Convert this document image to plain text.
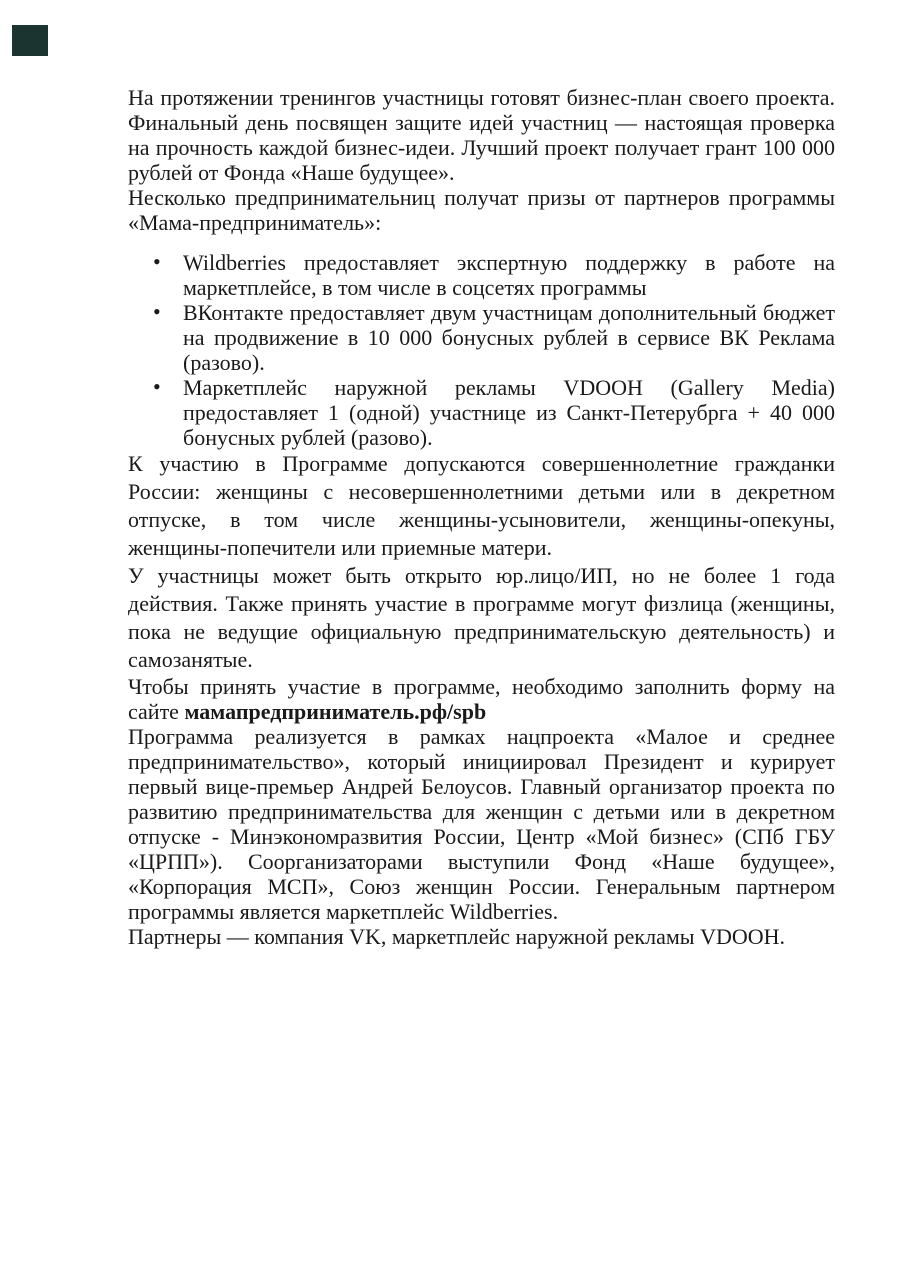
На протяжении тренингов участницы готовят бизнес-план своего проекта. Финальный день посвящен защите идей участниц — настоящая проверка на прочность каждой бизнес-идеи. Лучший проект получает грант 100 000 рублей от Фонда «Наше будущее».

Несколько предпринимательниц получат призы от партнеров программы «Мама-предприниматель»:

• Wildberries предоставляет экспертную поддержку в работе на маркетплейсе, в том числе в соцсетях программы
• ВКонтакте предоставляет двум участницам дополнительный бюджет на продвижение в 10 000 бонусных рублей в сервисе ВК Реклама (разово).
• Маркетплейс наружной рекламы VDOOH (Gallery Media) предоставляет 1 (одной) участнице из Санкт-Петерубрга + 40 000 бонусных рублей (разово).

К участию в Программе допускаются совершеннолетние гражданки России: женщины с несовершеннолетними детьми или в декретном отпуске, в том числе женщины-усыновители, женщины-опекуны, женщины-попечители или приемные матери.

У участницы может быть открыто юр.лицо/ИП, но не более 1 года действия. Также принять участие в программе могут физлица (женщины, пока не ведущие официальную предпринимательскую деятельность) и самозанятые.

Чтобы принять участие в программе, необходимо заполнить форму на сайте мамапредприниматель.рф/spb

Программа реализуется в рамках нацпроекта «Малое и среднее предпринимательство», который инициировал Президент и курирует первый вице-премьер Андрей Белоусов. Главный организатор проекта по развитию предпринимательства для женщин с детьми или в декретном отпуске - Минэкономразвития России, Центр «Мой бизнес» (СПб ГБУ «ЦРПП»). Соорганизаторами выступили Фонд «Наше будущее», «Корпорация МСП», Союз женщин России. Генеральным партнером программы является маркетплейс Wildberries.

Партнеры — компания VK, маркетплейс наружной рекламы VDOOH.
